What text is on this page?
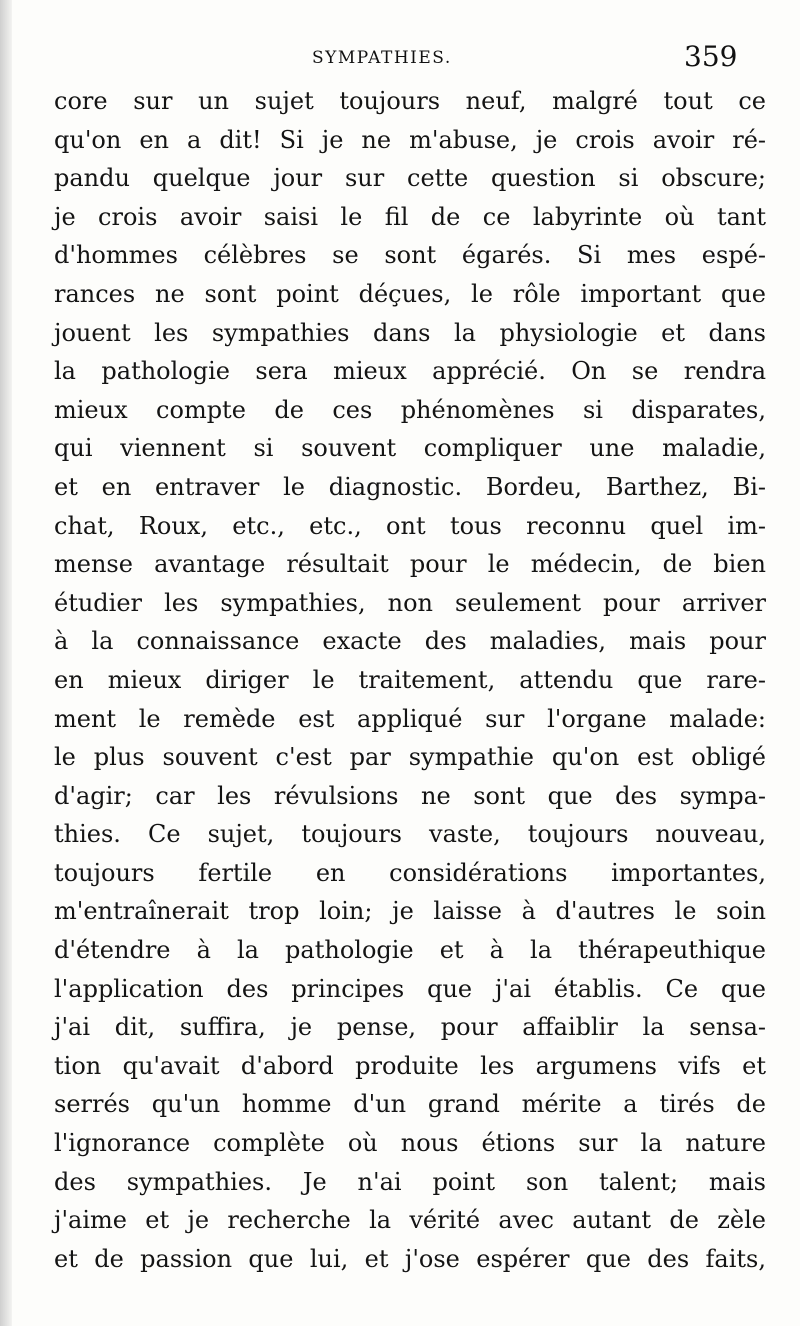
SYMPATHIES.	359
core sur un sujet toujours neuf, malgré tout ce
qu'on en a dit! Si je ne m'abuse, je crois avoir ré-
pandu quelque jour sur cette question si obscure;
je crois avoir saisi le fil de ce labyrinte où tant
d'hommes célèbres se sont égarés. Si mes espé-
rances ne sont point déçues, le rôle important que
jouent les sympathies dans la physiologie et dans
la pathologie sera mieux apprécié. On se rendra
mieux compte de ces phénomènes si disparates,
qui viennent si souvent compliquer une maladie,
et en entraver le diagnostic. Bordeu, Barthez, Bi-
chat, Roux, etc., etc., ont tous reconnu quel im-
mense avantage résultait pour le médecin, de bien
étudier les sympathies, non seulement pour arriver
à la connaissance exacte des maladies, mais pour
en mieux diriger le traitement, attendu que rare-
ment le remède est appliqué sur l'organe malade:
le plus souvent c'est par sympathie qu'on est obligé
d'agir; car les révulsions ne sont que des sympa-
thies. Ce sujet, toujours vaste, toujours nouveau,
toujours fertile en considérations importantes,
m'entraînerait trop loin; je laisse à d'autres le soin
d'étendre à la pathologie et à la thérapeuthique
l'application des principes que j'ai établis. Ce que
j'ai dit, suffira, je pense, pour affaiblir la sensa-
tion qu'avait d'abord produite les argumens vifs et
serrés qu'un homme d'un grand mérite a tirés de
l'ignorance complète où nous étions sur la nature
des sympathies. Je n'ai point son talent; mais
j'aime et je recherche la vérité avec autant de zèle
et de passion que lui, et j'ose espérer que des faits,
